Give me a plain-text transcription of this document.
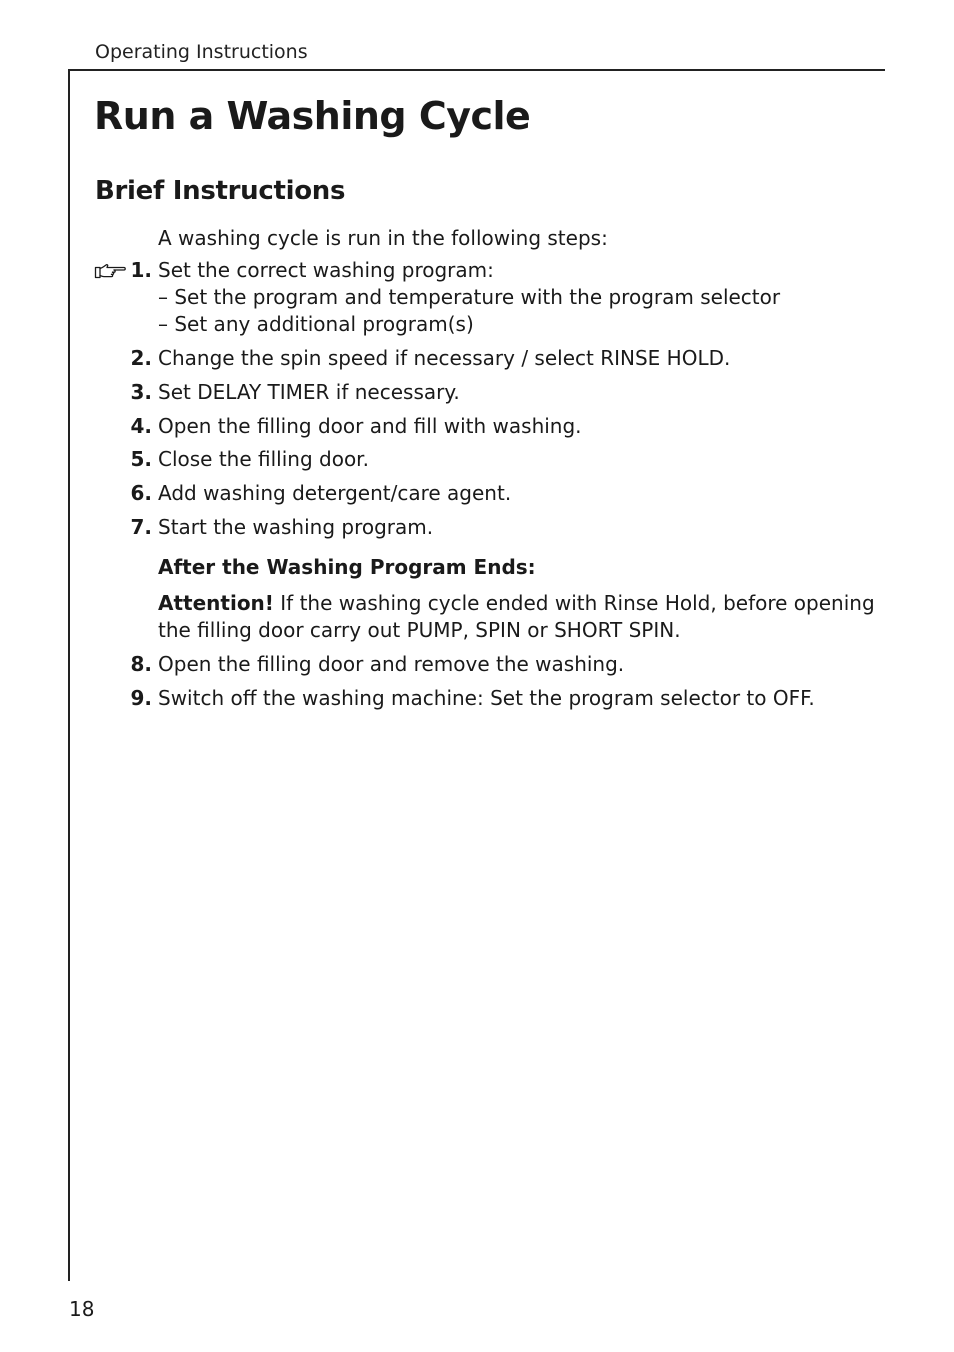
Operating Instructions
Run a Washing Cycle
Brief Instructions
A washing cycle is run in the following steps:
1. Set the correct washing program:
– Set the program and temperature with the program selector
– Set any additional program(s)
2. Change the spin speed if necessary / select RINSE HOLD.
3. Set DELAY TIMER if necessary.
4. Open the filling door and fill with washing.
5. Close the filling door.
6. Add washing detergent/care agent.
7. Start the washing program.
After the Washing Program Ends:
Attention! If the washing cycle ended with Rinse Hold, before opening
the filling door carry out PUMP, SPIN or SHORT SPIN.
8. Open the filling door and remove the washing.
9. Switch off the washing machine: Set the program selector to OFF.
18
